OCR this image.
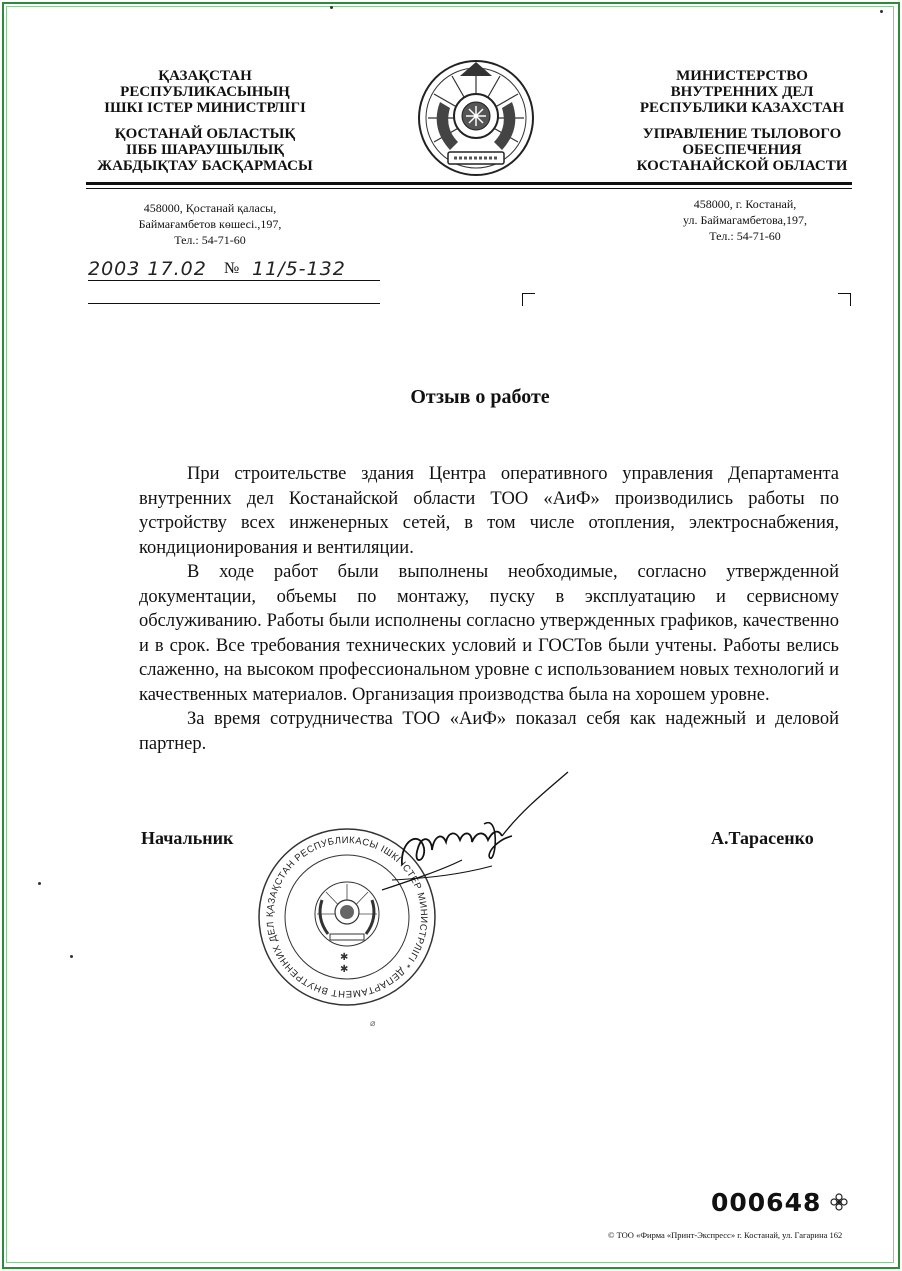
ҚАЗАҚСТАН
РЕСПУБЛИКАСЫНЫҢ
ІШКІ ІСТЕР МИНИСТРЛІГІ
ҚОСТАНАЙ ОБЛАСТЫҚ
ІІББ ШАРАУШЫЛЫҚ
ЖАБДЫҚТАУ БАСҚАРМАСЫ
МИНИСТЕРСТВО
ВНУТРЕННИХ ДЕЛ
РЕСПУБЛИКИ КАЗАХСТАН
УПРАВЛЕНИЕ ТЫЛОВОГО
ОБЕСПЕЧЕНИЯ
КОСТАНАЙСКОЙ ОБЛАСТИ
458000, Қостанай қаласы,
Баймағамбетов көшесі.,197,
Тел.: 54-71-60
458000, г. Костанай,
ул. Баймагамбетова,197,
Тел.: 54-71-60
2003 17.02 № 11/5-132
Отзыв о работе

При строительстве здания Центра оперативного управления Департамента внутренних дел Костанайской области ТОО «АиФ» производились работы по устройству всех инженерных сетей, в том числе отопления, электроснабжения, кондиционирования и вентиляции.

В ходе работ были выполнены необходимые, согласно утвержденной документации, объемы по монтажу, пуску в эксплуатацию и сервисному обслуживанию. Работы были исполнены согласно утвержденных графиков, качественно и в срок. Все требования технических условий и ГОСТов были учтены. Работы велись слаженно, на высоком профессиональном уровне с использованием новых технологий и качественных материалов. Организация производства была на хорошем уровне.

За время сотрудничества ТОО «АиФ» показал себя как надежный и деловой партнер.

Начальник	А.Тарасенко
ҚАЗАҚСТАН РЕСПУБЛИКАСЫ ІШКІ ІСТЕР МИНИСТРЛІГІ * ДЕПАРТАМЕНТ ВНУТРЕННИХ ДЕЛ
✱
✱
⌀
000648
© ТОО «Фирма «Принт-Экспресс» г. Костанай, ул. Гагарина 162
